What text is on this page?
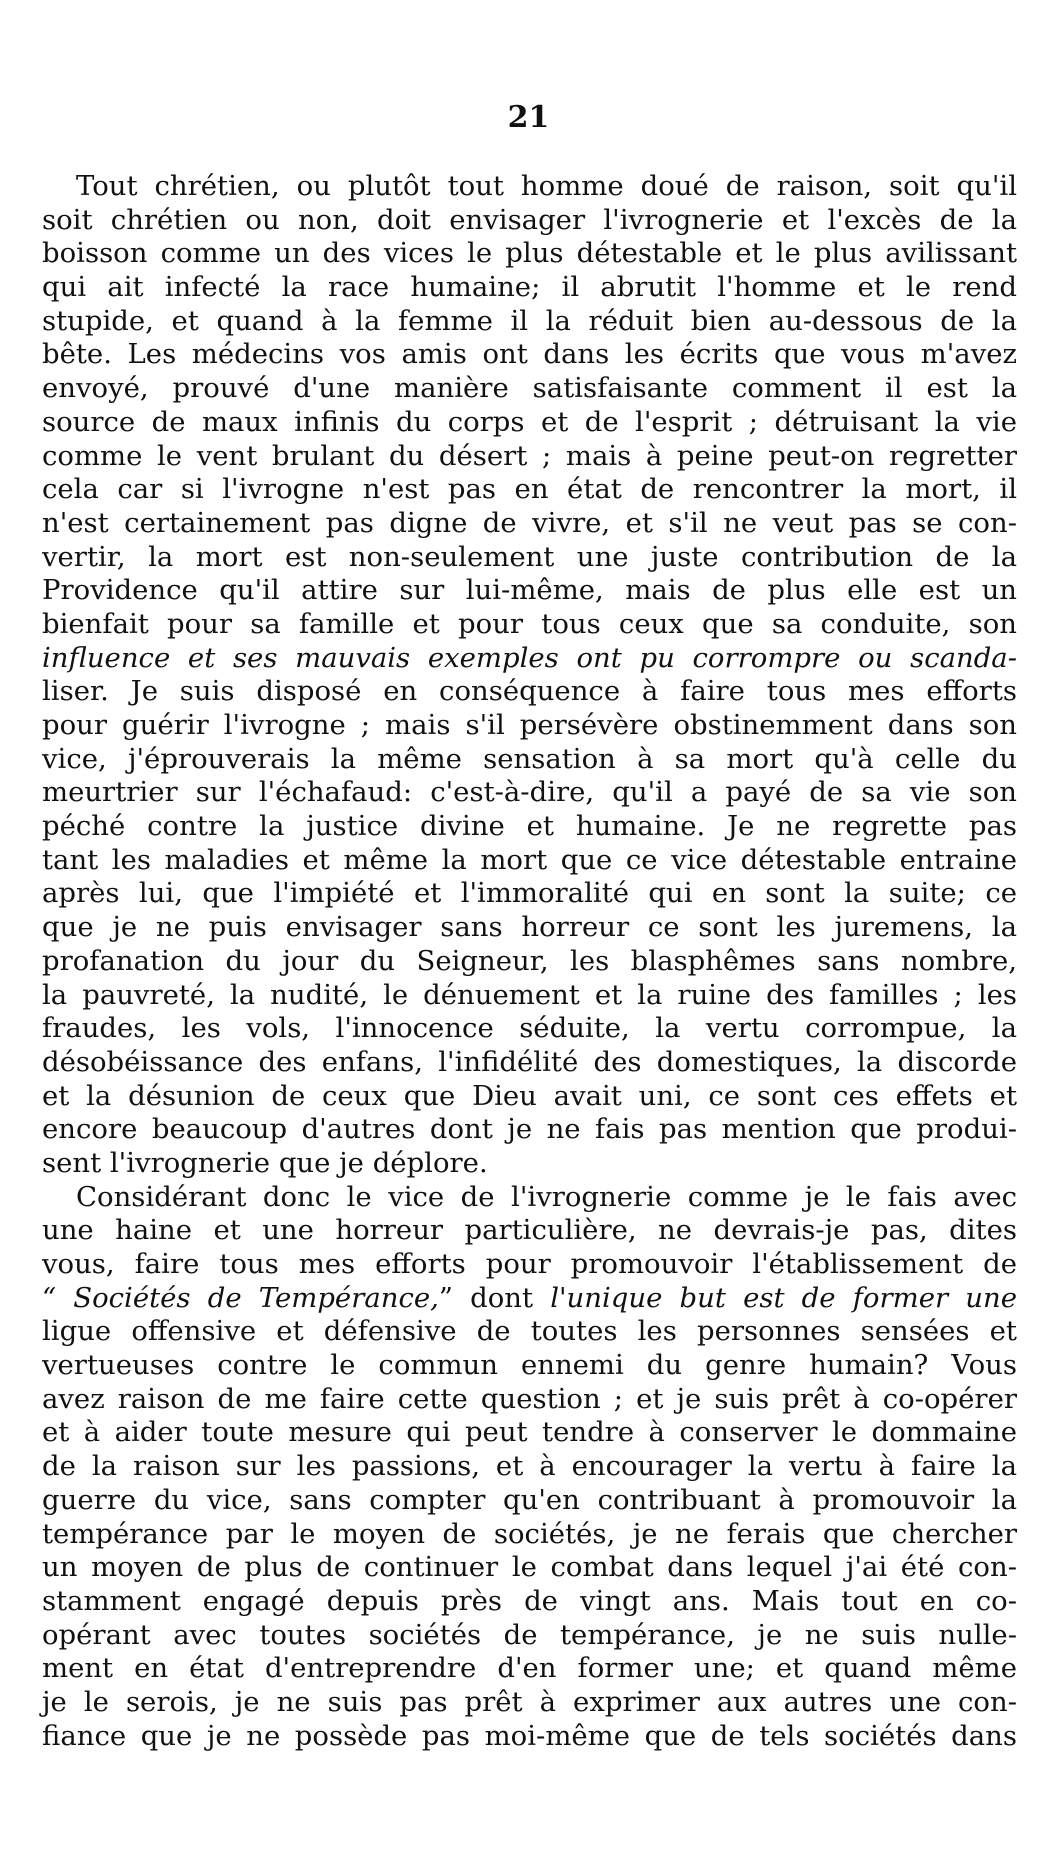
21
Tout chrétien, ou plutôt tout homme doué de raison, soit qu'il
soit chrétien ou non, doit envisager l'ivrognerie et l'excès de la
boisson comme un des vices le plus détestable et le plus avilissant
qui ait infecté la race humaine; il abrutit l'homme et le rend
stupide, et quand à la femme il la réduit bien au-dessous de la
bête. Les médecins vos amis ont dans les écrits que vous m'avez
envoyé, prouvé d'une manière satisfaisante comment il est la
source de maux infinis du corps et de l'esprit ; détruisant la vie
comme le vent brulant du désert ; mais à peine peut-on regretter
cela car si l'ivrogne n'est pas en état de rencontrer la mort, il
n'est certainement pas digne de vivre, et s'il ne veut pas se con-
vertir, la mort est non-seulement une juste contribution de la
Providence qu'il attire sur lui-même, mais de plus elle est un
bienfait pour sa famille et pour tous ceux que sa conduite, son
influence et ses mauvais exemples ont pu corrompre ou scanda-
liser. Je suis disposé en conséquence à faire tous mes efforts
pour guérir l'ivrogne ; mais s'il persévère obstinemment dans son
vice, j'éprouverais la même sensation à sa mort qu'à celle du
meurtrier sur l'échafaud: c'est-à-dire, qu'il a payé de sa vie son
péché contre la justice divine et humaine. Je ne regrette pas
tant les maladies et même la mort que ce vice détestable entraine
après lui, que l'impiété et l'immoralité qui en sont la suite; ce
que je ne puis envisager sans horreur ce sont les juremens, la
profanation du jour du Seigneur, les blasphêmes sans nombre,
la pauvreté, la nudité, le dénuement et la ruine des familles ; les
fraudes, les vols, l'innocence séduite, la vertu corrompue, la
désobéissance des enfans, l'infidélité des domestiques, la discorde
et la désunion de ceux que Dieu avait uni, ce sont ces effets et
encore beaucoup d'autres dont je ne fais pas mention que produi-
sent l'ivrognerie que je déplore.
Considérant donc le vice de l'ivrognerie comme je le fais avec
une haine et une horreur particulière, ne devrais-je pas, dites
vous, faire tous mes efforts pour promouvoir l'établissement de
“ Sociétés de Tempérance,” dont l'unique but est de former une
ligue offensive et défensive de toutes les personnes sensées et
vertueuses contre le commun ennemi du genre humain? Vous
avez raison de me faire cette question ; et je suis prêt à co-opérer
et à aider toute mesure qui peut tendre à conserver le dommaine
de la raison sur les passions, et à encourager la vertu à faire la
guerre du vice, sans compter qu'en contribuant à promouvoir la
tempérance par le moyen de sociétés, je ne ferais que chercher
un moyen de plus de continuer le combat dans lequel j'ai été con-
stamment engagé depuis près de vingt ans. Mais tout en co-
opérant avec toutes sociétés de tempérance, je ne suis nulle-
ment en état d'entreprendre d'en former une; et quand même
je le serois, je ne suis pas prêt à exprimer aux autres une con-
fiance que je ne possède pas moi-même que de tels sociétés dans
